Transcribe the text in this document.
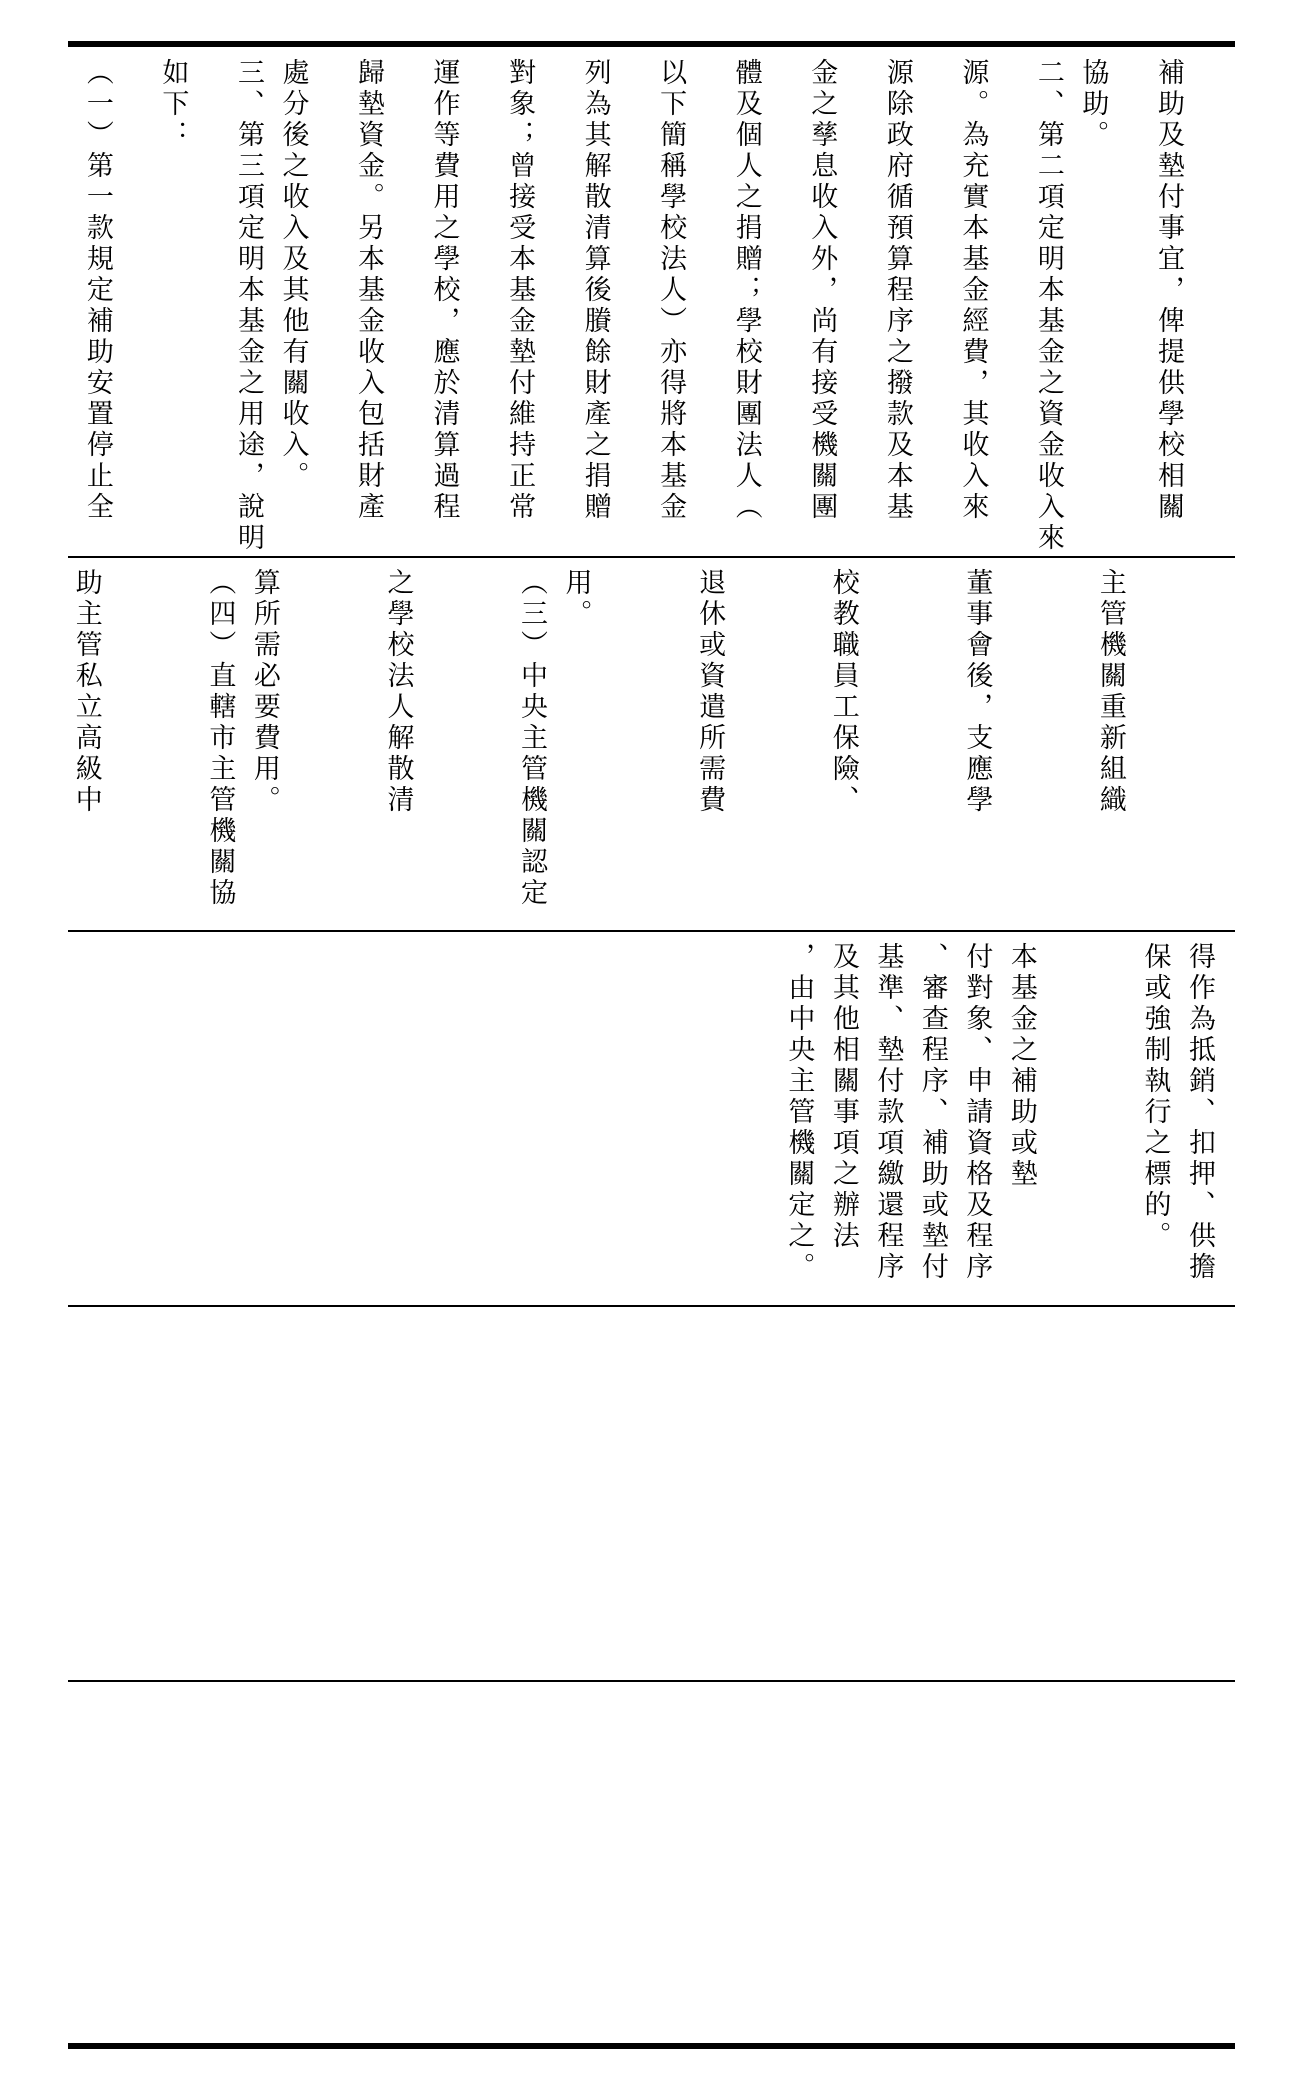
補助及墊付事宜，俾提供學校相關

協助。

二、第二項定明本基金之資金收入來

源。為充實本基金經費，其收入來

源除政府循預算程序之撥款及本基

金之孳息收入外，尚有接受機關團

體及個人之捐贈；學校財團法人（

以下簡稱學校法人）亦得將本基金

列為其解散清算後賸餘財產之捐贈

對象；曾接受本基金墊付維持正常

運作等費用之學校，應於清算過程

歸墊資金。另本基金收入包括財產

處分後之收入及其他有關收入。

三、第三項定明本基金之用途，說明

如下：

（一）第一款規定補助安置停止全

主管機關重新組織

董事會後，支應學

校教職員工保險、

退休或資遣所需費

用。

（三）中央主管機關認定

之學校法人解散清

算所需必要費用。

（四）直轄市主管機關協

助主管私立高級中

得作為抵銷、扣押、供擔

保或強制執行之標的。

本基金之補助或墊

付對象、申請資格及程序

、審查程序、補助或墊付

基準、墊付款項繳還程序

及其他相關事項之辦法

，由中央主管機關定之。
